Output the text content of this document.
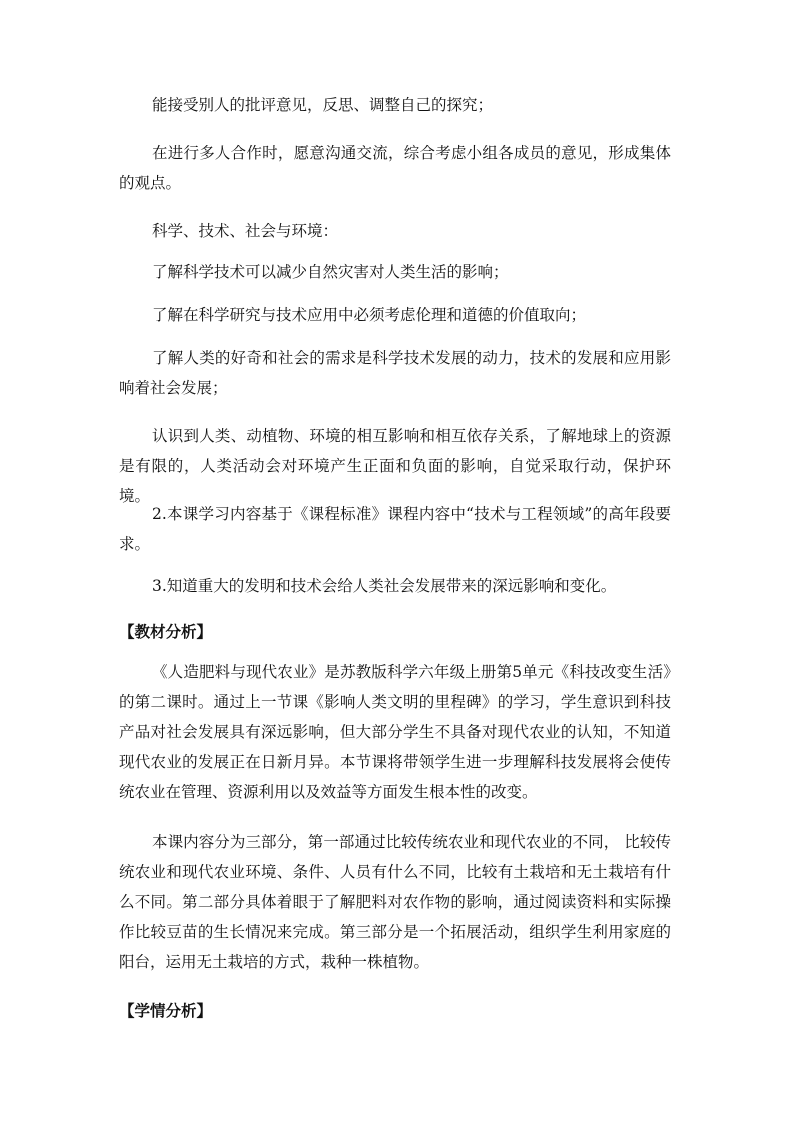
能接受别人的批评意见，反思、调整自己的探究；

在进行多人合作时，愿意沟通交流，综合考虑小组各成员的意见，形成集体的观点。

科学、技术、社会与环境：

了解科学技术可以减少自然灾害对人类生活的影响；

了解在科学研究与技术应用中必须考虑伦理和道德的价值取向；

了解人类的好奇和社会的需求是科学技术发展的动力，技术的发展和应用影响着社会发展；

认识到人类、动植物、环境的相互影响和相互依存关系，了解地球上的资源是有限的，人类活动会对环境产生正面和负面的影响，自觉采取行动，保护环境。

2.本课学习内容基于《课程标准》课程内容中“技术与工程领域”的高年段要求。

3.知道重大的发明和技术会给人类社会发展带来的深远影响和变化。

【教材分析】

《人造肥料与现代农业》是苏教版科学六年级上册第5单元《科技改变生活》的第二课时。通过上一节课《影响人类文明的里程碑》的学习，学生意识到科技产品对社会发展具有深远影响，但大部分学生不具备对现代农业的认知，不知道现代农业的发展正在日新月异。本节课将带领学生进一步理解科技发展将会使传统农业在管理、资源利用以及效益等方面发生根本性的改变。

本课内容分为三部分，第一部通过比较传统农业和现代农业的不同， 比较传统农业和现代农业环境、条件、人员有什么不同，比较有土栽培和无土栽培有什么不同。第二部分具体着眼于了解肥料对农作物的影响，通过阅读资料和实际操作比较豆苗的生长情况来完成。第三部分是一个拓展活动，组织学生利用家庭的阳台，运用无土栽培的方式，栽种一株植物。

【学情分析】
